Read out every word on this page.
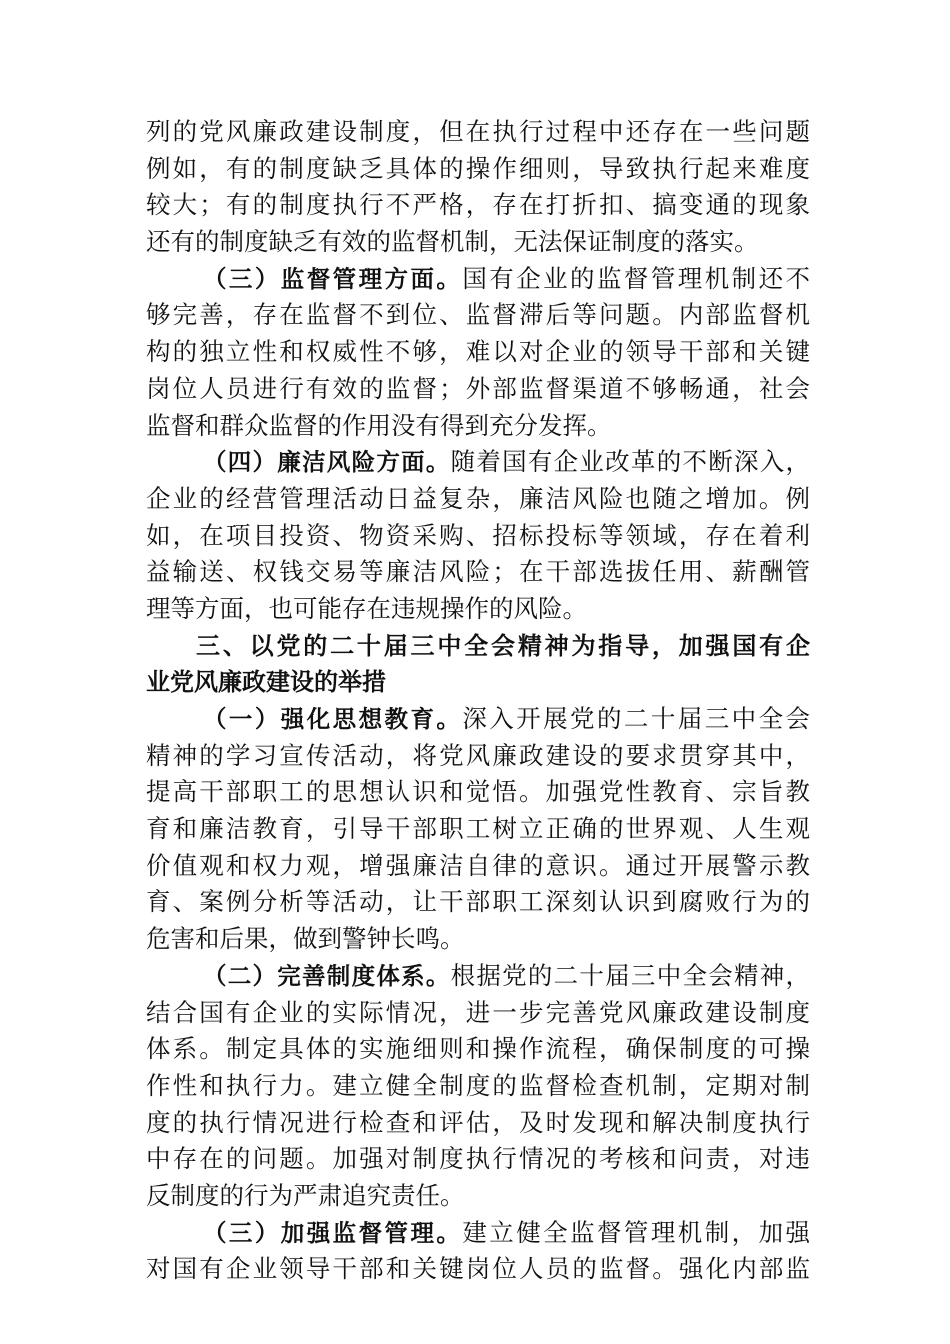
列的党风廉政建设制度，但在执行过程中还存在一些问题
例如，有的制度缺乏具体的操作细则，导致执行起来难度
较大；有的制度执行不严格，存在打折扣、搞变通的现象
还有的制度缺乏有效的监督机制，无法保证制度的落实。
（三）监督管理方面。国有企业的监督管理机制还不
够完善，存在监督不到位、监督滞后等问题。内部监督机
构的独立性和权威性不够，难以对企业的领导干部和关键
岗位人员进行有效的监督；外部监督渠道不够畅通，社会
监督和群众监督的作用没有得到充分发挥。
（四）廉洁风险方面。随着国有企业改革的不断深入，
企业的经营管理活动日益复杂，廉洁风险也随之增加。例
如，在项目投资、物资采购、招标投标等领域，存在着利
益输送、权钱交易等廉洁风险；在干部选拔任用、薪酬管
理等方面，也可能存在违规操作的风险。
三、以党的二十届三中全会精神为指导，加强国有企
业党风廉政建设的举措
（一）强化思想教育。深入开展党的二十届三中全会
精神的学习宣传活动，将党风廉政建设的要求贯穿其中，
提高干部职工的思想认识和觉悟。加强党性教育、宗旨教
育和廉洁教育，引导干部职工树立正确的世界观、人生观
价值观和权力观，增强廉洁自律的意识。通过开展警示教
育、案例分析等活动，让干部职工深刻认识到腐败行为的
危害和后果，做到警钟长鸣。
（二）完善制度体系。根据党的二十届三中全会精神，
结合国有企业的实际情况，进一步完善党风廉政建设制度
体系。制定具体的实施细则和操作流程，确保制度的可操
作性和执行力。建立健全制度的监督检查机制，定期对制
度的执行情况进行检查和评估，及时发现和解决制度执行
中存在的问题。加强对制度执行情况的考核和问责，对违
反制度的行为严肃追究责任。
（三）加强监督管理。建立健全监督管理机制，加强
对国有企业领导干部和关键岗位人员的监督。强化内部监
